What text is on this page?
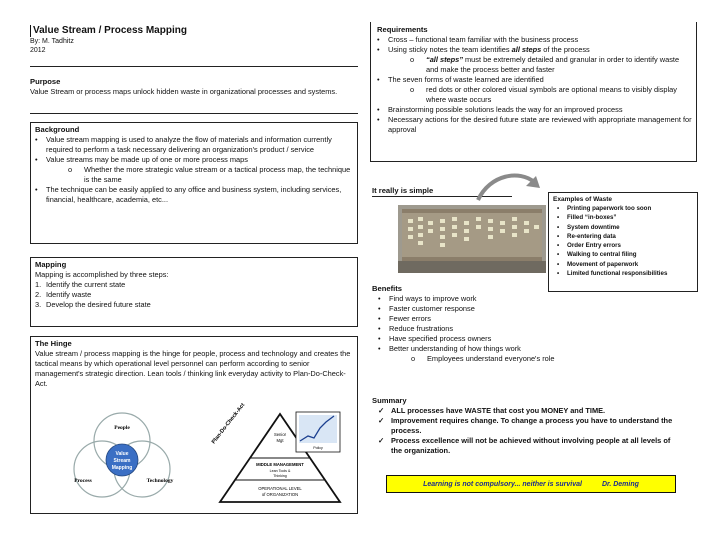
Value Stream / Process Mapping
By: M. Tadhitz
2012
Purpose
Value Stream or process maps unlock hidden waste in organizational processes and systems.
Background
• Value stream mapping is used to analyze the flow of materials and information currently required to perform a task necessary delivering an organization's product / service
• Value streams may be made up of one or more process maps
o Whether the more strategic value stream or a tactical process map, the technique is the same
• The technique can be easily applied to any office and business system, including services, financial, healthcare, academia, etc...
Mapping
Mapping is accomplished by three steps:
1. Identify the current state
2. Identify waste
3. Develop the desired future state
The Hinge
Value stream / process mapping is the hinge for people, process and technology and creates the tactical means by which operational level personnel can perform according to senior management's strategic direction. Lean tools / thinking link everyday activity to Plan-Do-Check-Act.
People
Process	Technology
Value
Stream
Mapping
Plan-Do-Check-Act	Senior
Mgt
MIDDLE MANAGEMENT
Lean Tools &
Thinking
OPERATIONAL LEVEL
of ORGANIZATION
Policy
Requirements
• Cross – functional team familiar with the business process
• Using sticky notes the team identifies all steps of the process
o “all steps” must be extremely detailed and granular in order to identify waste and make the process better and faster
• The seven forms of waste learned are identified
o red dots or other colored visual symbols are optional means to visibly display where waste occurs
• Brainstorming possible solutions leads the way for an improved process
• Necessary actions for the desired future state are reviewed with appropriate management for approval
It really is simple
Examples of Waste
• Printing paperwork too soon
• Filled “in-boxes”
• System downtime
• Re-entering data
• Order Entry errors
• Walking to central filing
• Movement of paperwork
• Limited functional responsibilities
Benefits
• Find ways to improve work
• Faster customer response
• Fewer errors
• Reduce frustrations
• Have specified process owners
• Better understanding of how things work
o Employees understand everyone's role
Summary
✓ ALL processes have WASTE that cost you MONEY and TIME.
✓ Improvement requires change. To change a process you have to understand the process.
✓ Process excellence will not be achieved without involving people at all levels of the organization.
Learning is not compulsory... neither is survival	Dr. Deming
